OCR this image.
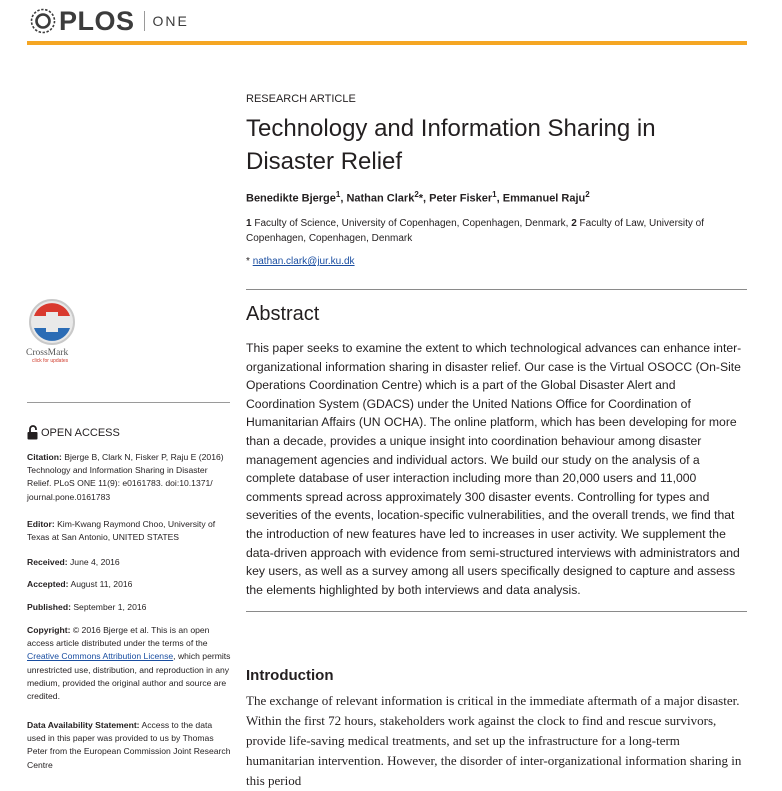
PLOS ONE
RESEARCH ARTICLE
Technology and Information Sharing in Disaster Relief
Benedikte Bjerge$^1$, Nathan Clark$^2$*, Peter Fisker$^1$, Emmanuel Raju$^2$
1 Faculty of Science, University of Copenhagen, Copenhagen, Denmark, 2 Faculty of Law, University of Copenhagen, Copenhagen, Denmark
* nathan.clark@jur.ku.dk
Abstract

This paper seeks to examine the extent to which technological advances can enhance inter-organizational information sharing in disaster relief. Our case is the Virtual OSOCC (On-Site Operations Coordination Centre) which is a part of the Global Disaster Alert and Coordination System (GDACS) under the United Nations Office for Coordination of Humanitarian Affairs (UN OCHA). The online platform, which has been developing for more than a decade, provides a unique insight into coordination behaviour among disaster management agencies and individual actors. We build our study on the analysis of a complete database of user interaction including more than 20,000 users and 11,000 comments spread across approximately 300 disaster events. Controlling for types and severities of the events, location-specific vulnerabilities, and the overall trends, we find that the introduction of new features have led to increases in user activity. We supplement the data-driven approach with evidence from semi-structured interviews with administrators and key users, as well as a survey among all users specifically designed to capture and assess the elements highlighted by both interviews and data analysis.

Introduction

The exchange of relevant information is critical in the immediate aftermath of a major disaster. Within the first 72 hours, stakeholders work against the clock to find and rescue survivors, provide life-saving medical treatments, and set up the infrastructure for a long-term humanitarian intervention. However, the disorder of inter-organizational information sharing in this period

CrossMark
click for updates
OPEN ACCESS
Citation: Bjerge B, Clark N, Fisker P, Raju E (2016) Technology and Information Sharing in Disaster Relief. PLoS ONE 11(9): e0161783. doi:10.1371/ journal.pone.0161783
Editor: Kim-Kwang Raymond Choo, University of Texas at San Antonio, UNITED STATES
Received: June 4, 2016
Accepted: August 11, 2016
Published: September 1, 2016
Copyright: © 2016 Bjerge et al. This is an open access article distributed under the terms of the Creative Commons Attribution License, which permits unrestricted use, distribution, and reproduction in any medium, provided the original author and source are credited.
Data Availability Statement: Access to the data used in this paper was provided to us by Thomas Peter from the European Commission Joint Research Centre
